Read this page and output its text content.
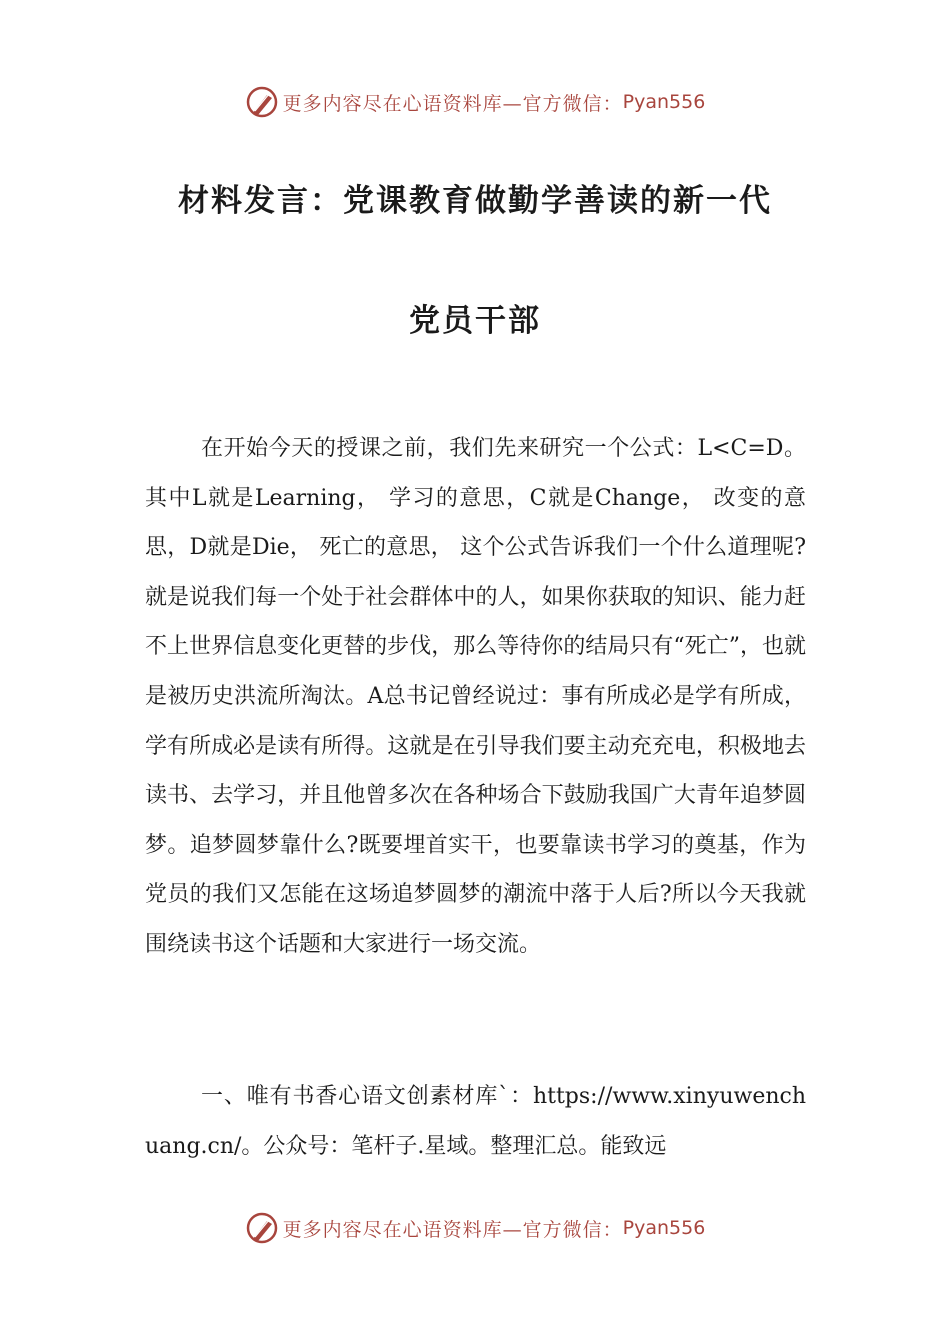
更多内容尽在心语资料库—官方微信： Pyan556
材料发言：党课教育做勤学善读的新一代
党员干部

在开始今天的授课之前，我们先来研究一个公式：L<C=D。其中L就是Learning， 学习的意思，C就是Change， 改变的意思，D就是Die， 死亡的意思， 这个公式告诉我们一个什么道理呢?就是说我们每一个处于社会群体中的人，如果你获取的知识、能力赶不上世界信息变化更替的步伐，那么等待你的结局只有“死亡”，也就是被历史洪流所淘汰。A总书记曾经说过：事有所成必是学有所成，学有所成必是读有所得。这就是在引导我们要主动充充电，积极地去读书、去学习，并且他曾多次在各种场合下鼓励我国广大青年追梦圆梦。追梦圆梦靠什么?既要埋首实干，也要靠读书学习的奠基，作为党员的我们又怎能在这场追梦圆梦的潮流中落于人后?所以今天我就围绕读书这个话题和大家进行一场交流。

一、唯有书香心语文创素材库`：https://www.xinyuwenchuang.cn/。公众号：笔杆子.星域。整理汇总。能致远

更多内容尽在心语资料库—官方微信： Pyan556
